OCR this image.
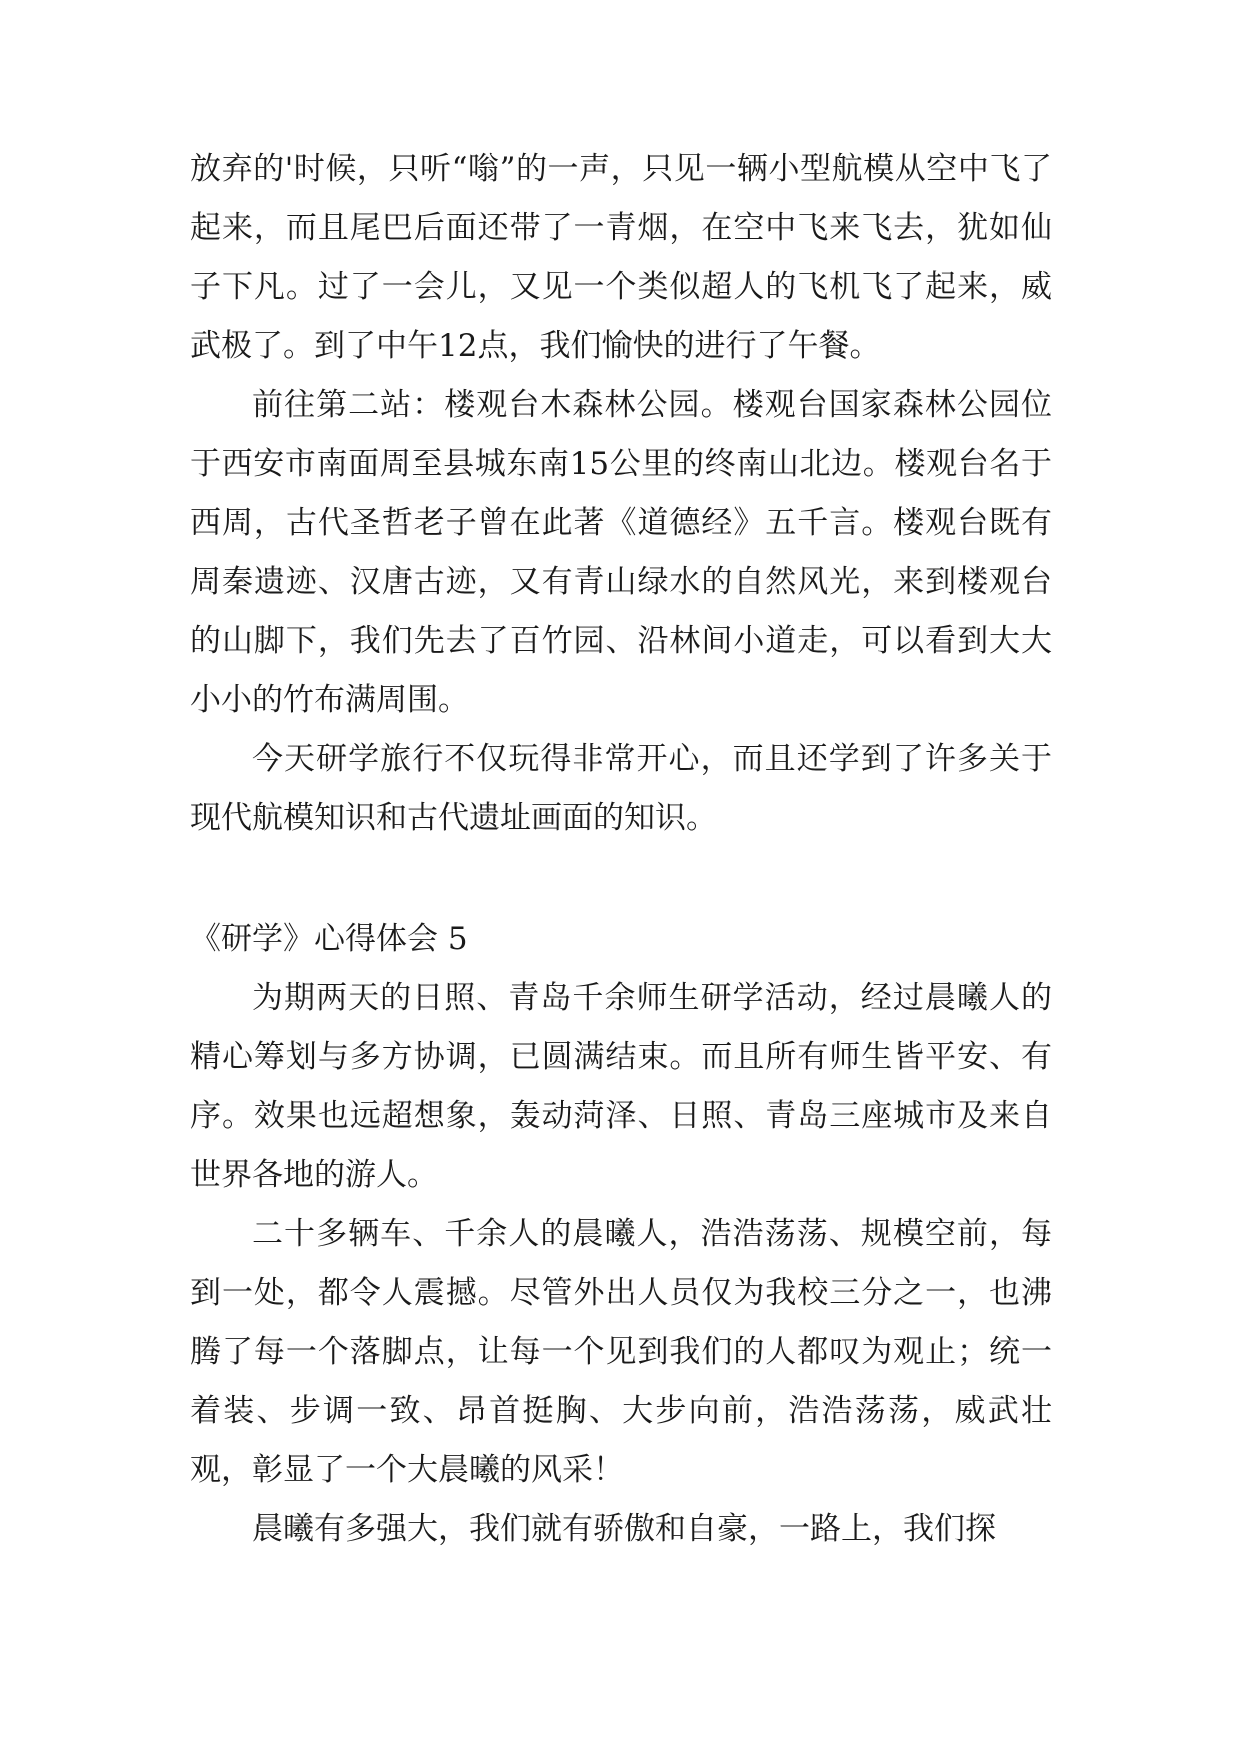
放弃的'时候，只听“嗡”的一声，只见一辆小型航模从空中飞了起来，而且尾巴后面还带了一青烟，在空中飞来飞去，犹如仙子下凡。过了一会儿，又见一个类似超人的飞机飞了起来，威武极了。到了中午12点，我们愉快的进行了午餐。

前往第二站：楼观台木森林公园。楼观台国家森林公园位于西安市南面周至县城东南15公里的终南山北边。楼观台名于西周，古代圣哲老子曾在此著《道德经》五千言。楼观台既有周秦遗迹、汉唐古迹，又有青山绿水的自然风光，来到楼观台的山脚下，我们先去了百竹园、沿林间小道走，可以看到大大小小的竹布满周围。

今天研学旅行不仅玩得非常开心，而且还学到了许多关于现代航模知识和古代遗址画面的知识。

《研学》心得体会 5

为期两天的日照、青岛千余师生研学活动，经过晨曦人的精心筹划与多方协调，已圆满结束。而且所有师生皆平安、有序。效果也远超想象，轰动菏泽、日照、青岛三座城市及来自世界各地的游人。

二十多辆车、千余人的晨曦人，浩浩荡荡、规模空前，每到一处，都令人震撼。尽管外出人员仅为我校三分之一，也沸腾了每一个落脚点，让每一个见到我们的人都叹为观止；统一着装、步调一致、昂首挺胸、大步向前，浩浩荡荡，威武壮观，彰显了一个大晨曦的风采！

晨曦有多强大，我们就有骄傲和自豪，一路上，我们探
